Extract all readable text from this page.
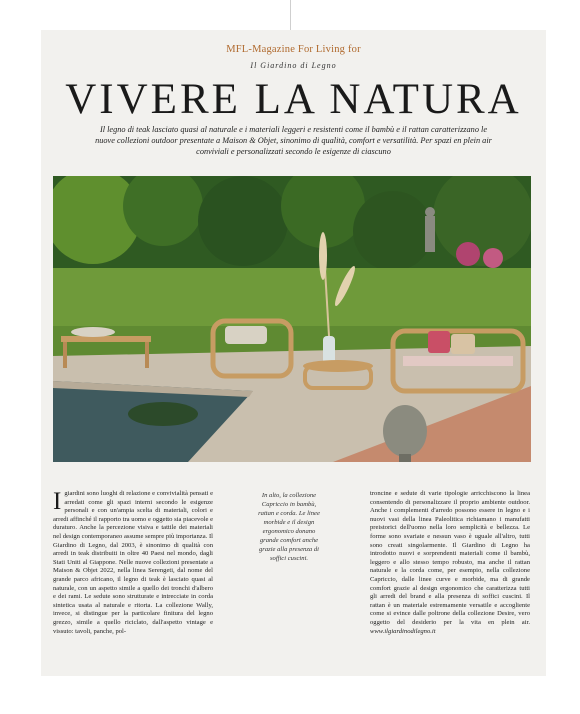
MFL-Magazine For Living for
Il Giardino di Legno
VIVERE LA NATURA
Il legno di teak lasciato quasi al naturale e i materiali leggeri e resistenti come il bambù e il rattan caratterizzano le nuove collezioni outdoor presentate a Maison & Objet, sinonimo di qualità, comfort e versatilità. Per spazi en plein air conviviali e personalizzati secondo le esigenze di ciascuno
Igiardini sono luoghi di relazione e convivialità pensati e arredati come gli spazi interni secondo le esigenze personali e con un'ampia scelta di materiali, colori e arredi affinché il rapporto tra uomo e oggetto sia piacevole e duraturo. Anche la percezione visiva e tattile dei materiali nel design contemporaneo assume sempre più importanza. Il Giardino di Legno, dal 2003, è sinonimo di qualità con arredi in teak distribuiti in oltre 40 Paesi nel mondo, dagli Stati Uniti al Giappone. Nelle nuove collezioni presentate a Maison & Objet 2022, nella linea Serengeti, dal nome del grande parco africano, il legno di teak è lasciato quasi al naturale, con un aspetto simile a quello dei tronchi d'albero e dei rami. Le sedute sono strutturate e intrecciate in corda sintetica usata al naturale e ritorta. La collezione Wally, invece, si distingue per la particolare finitura del legno grezzo, simile a quello riciclato, dall'aspetto vintage e vissuto: tavoli, panche, pol-
In alto, la collezione Capriccio in bambù, rattan e corda. Le linee morbide e il design ergonomico donano grande comfort anche grazie alla presenza di soffici cuscini.
troncine e sedute di varie tipologie arricchiscono la linea consentendo di personalizzare il proprio ambiente outdoor. Anche i complementi d'arredo possono essere in legno e i nuovi vasi della linea Paleolitica richiamano i manufatti preistorici dell'uomo nella loro semplicità e bellezza. Le forme sono svariate e nessun vaso è uguale all'altro, tutti sono creati singolarmente. Il Giardino di Legno ha introdotto nuovi e sorprendenti materiali come il bambù, leggero e allo stesso tempo robusto, ma anche il rattan naturale e la corda come, per esempio, nella collezione Capriccio, dalle linee curve e morbide, ma di grande comfort grazie al design ergonomico che caratterizza tutti gli arredi del brand e alla presenza di soffici cuscini. Il rattan è un materiale estremamente versatile e accogliente come si evince dalle poltrone della collezione Desire, vero oggetto del desiderio per la vita en plein air. www.ilgiardinodilegno.it
